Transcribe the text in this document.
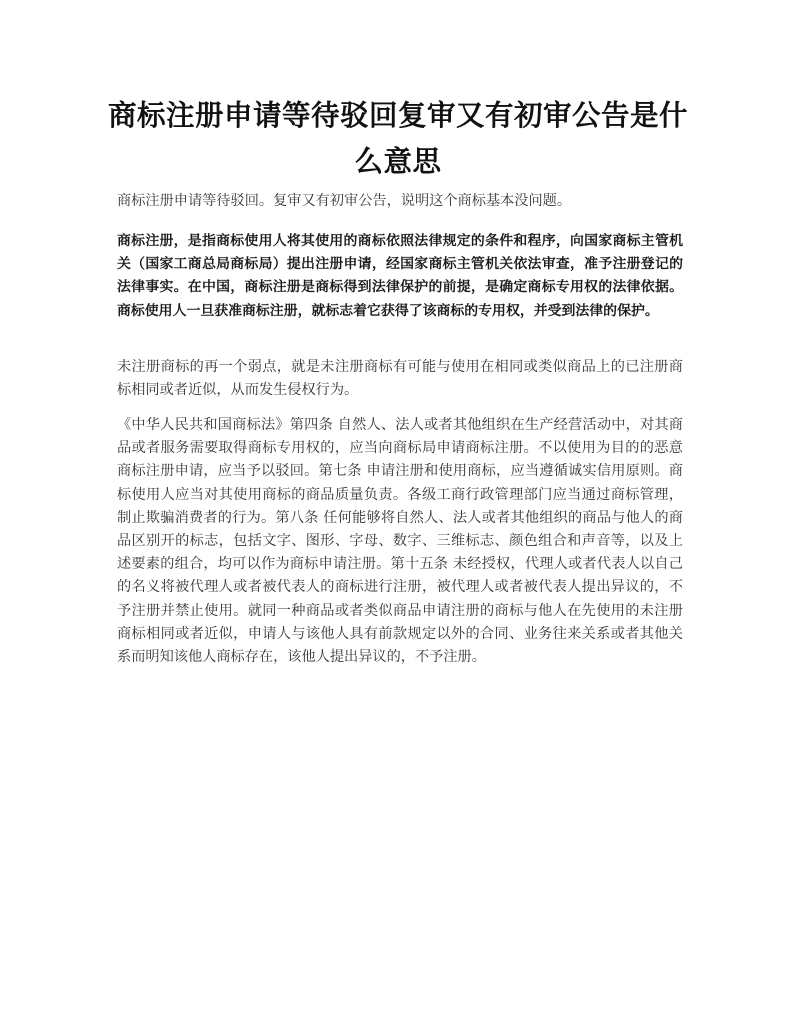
商标注册申请等待驳回复审又有初审公告是什么意思

商标注册申请等待驳回。复审又有初审公告，说明这个商标基本没问题。

商标注册，是指商标使用人将其使用的商标依照法律规定的条件和程序，向国家商标主管机关（国家工商总局商标局）提出注册申请，经国家商标主管机关依法审查，准予注册登记的法律事实。在中国，商标注册是商标得到法律保护的前提，是确定商标专用权的法律依据。商标使用人一旦获准商标注册，就标志着它获得了该商标的专用权，并受到法律的保护。

未注册商标的再一个弱点，就是未注册商标有可能与使用在相同或类似商品上的已注册商标相同或者近似，从而发生侵权行为。

《中华人民共和国商标法》第四条 自然人、法人或者其他组织在生产经营活动中，对其商品或者服务需要取得商标专用权的，应当向商标局申请商标注册。不以使用为目的的恶意商标注册申请，应当予以驳回。第七条 申请注册和使用商标，应当遵循诚实信用原则。商标使用人应当对其使用商标的商品质量负责。各级工商行政管理部门应当通过商标管理，制止欺骗消费者的行为。第八条 任何能够将自然人、法人或者其他组织的商品与他人的商品区别开的标志，包括文字、图形、字母、数字、三维标志、颜色组合和声音等，以及上述要素的组合，均可以作为商标申请注册。第十五条 未经授权，代理人或者代表人以自己的名义将被代理人或者被代表人的商标进行注册，被代理人或者被代表人提出异议的，不予注册并禁止使用。就同一种商品或者类似商品申请注册的商标与他人在先使用的未注册商标相同或者近似，申请人与该他人具有前款规定以外的合同、业务往来关系或者其他关系而明知该他人商标存在，该他人提出异议的，不予注册。
